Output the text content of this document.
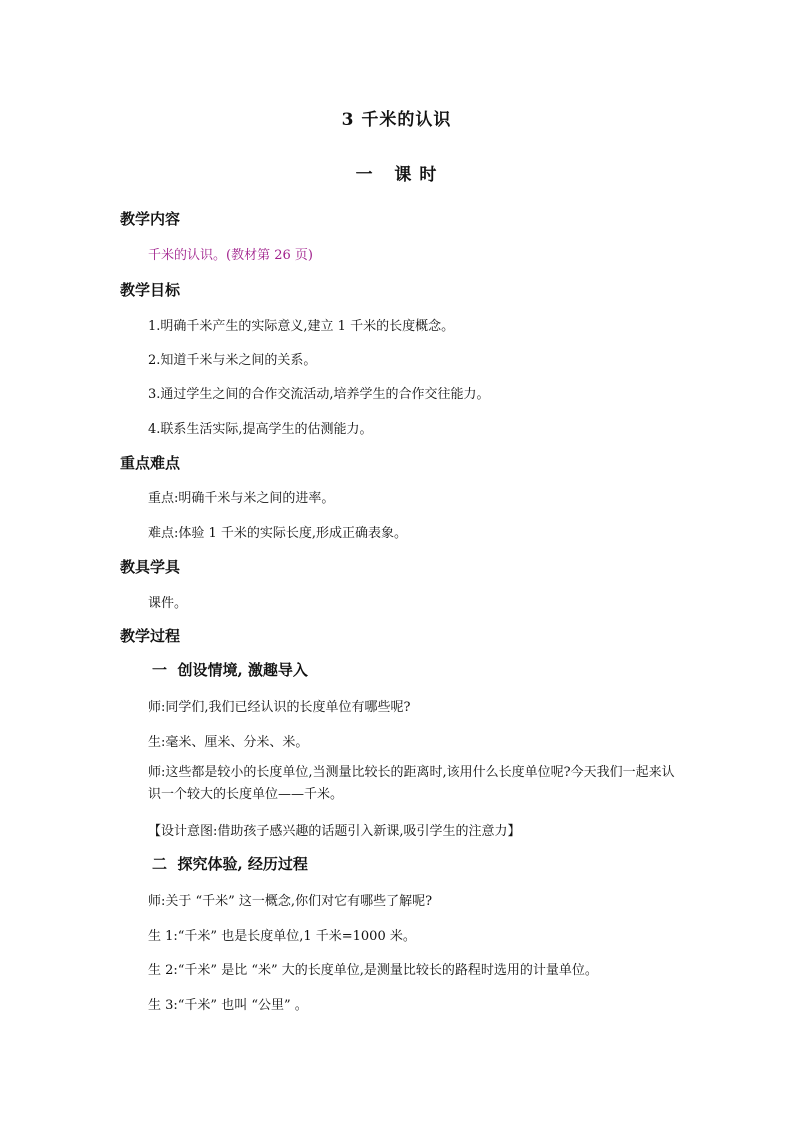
3 千米的认识
一   课 时
教学内容
千米的认识。(教材第 26 页)
教学目标
1.明确千米产生的实际意义,建立 1 千米的长度概念。
2.知道千米与米之间的关系。
3.通过学生之间的合作交流活动,培养学生的合作交往能力。
4.联系生活实际,提高学生的估测能力。
重点难点
重点:明确千米与米之间的进率。
难点:体验 1 千米的实际长度,形成正确表象。
教具学具
课件。
教学过程
一  创设情境, 激趣导入
师:同学们,我们已经认识的长度单位有哪些呢?
生:毫米、厘米、分米、米。
师:这些都是较小的长度单位,当测量比较长的距离时,该用什么长度单位呢?今天我们一起来认识一个较大的长度单位——千米。
【设计意图:借助孩子感兴趣的话题引入新课,吸引学生的注意力】
二  探究体验, 经历过程
师:关于 “千米” 这一概念,你们对它有哪些了解呢?
生 1:“千米” 也是长度单位,1 千米=1000 米。
生 2:“千米” 是比 “米” 大的长度单位,是测量比较长的路程时选用的计量单位。
生 3:“千米” 也叫 “公里” 。
